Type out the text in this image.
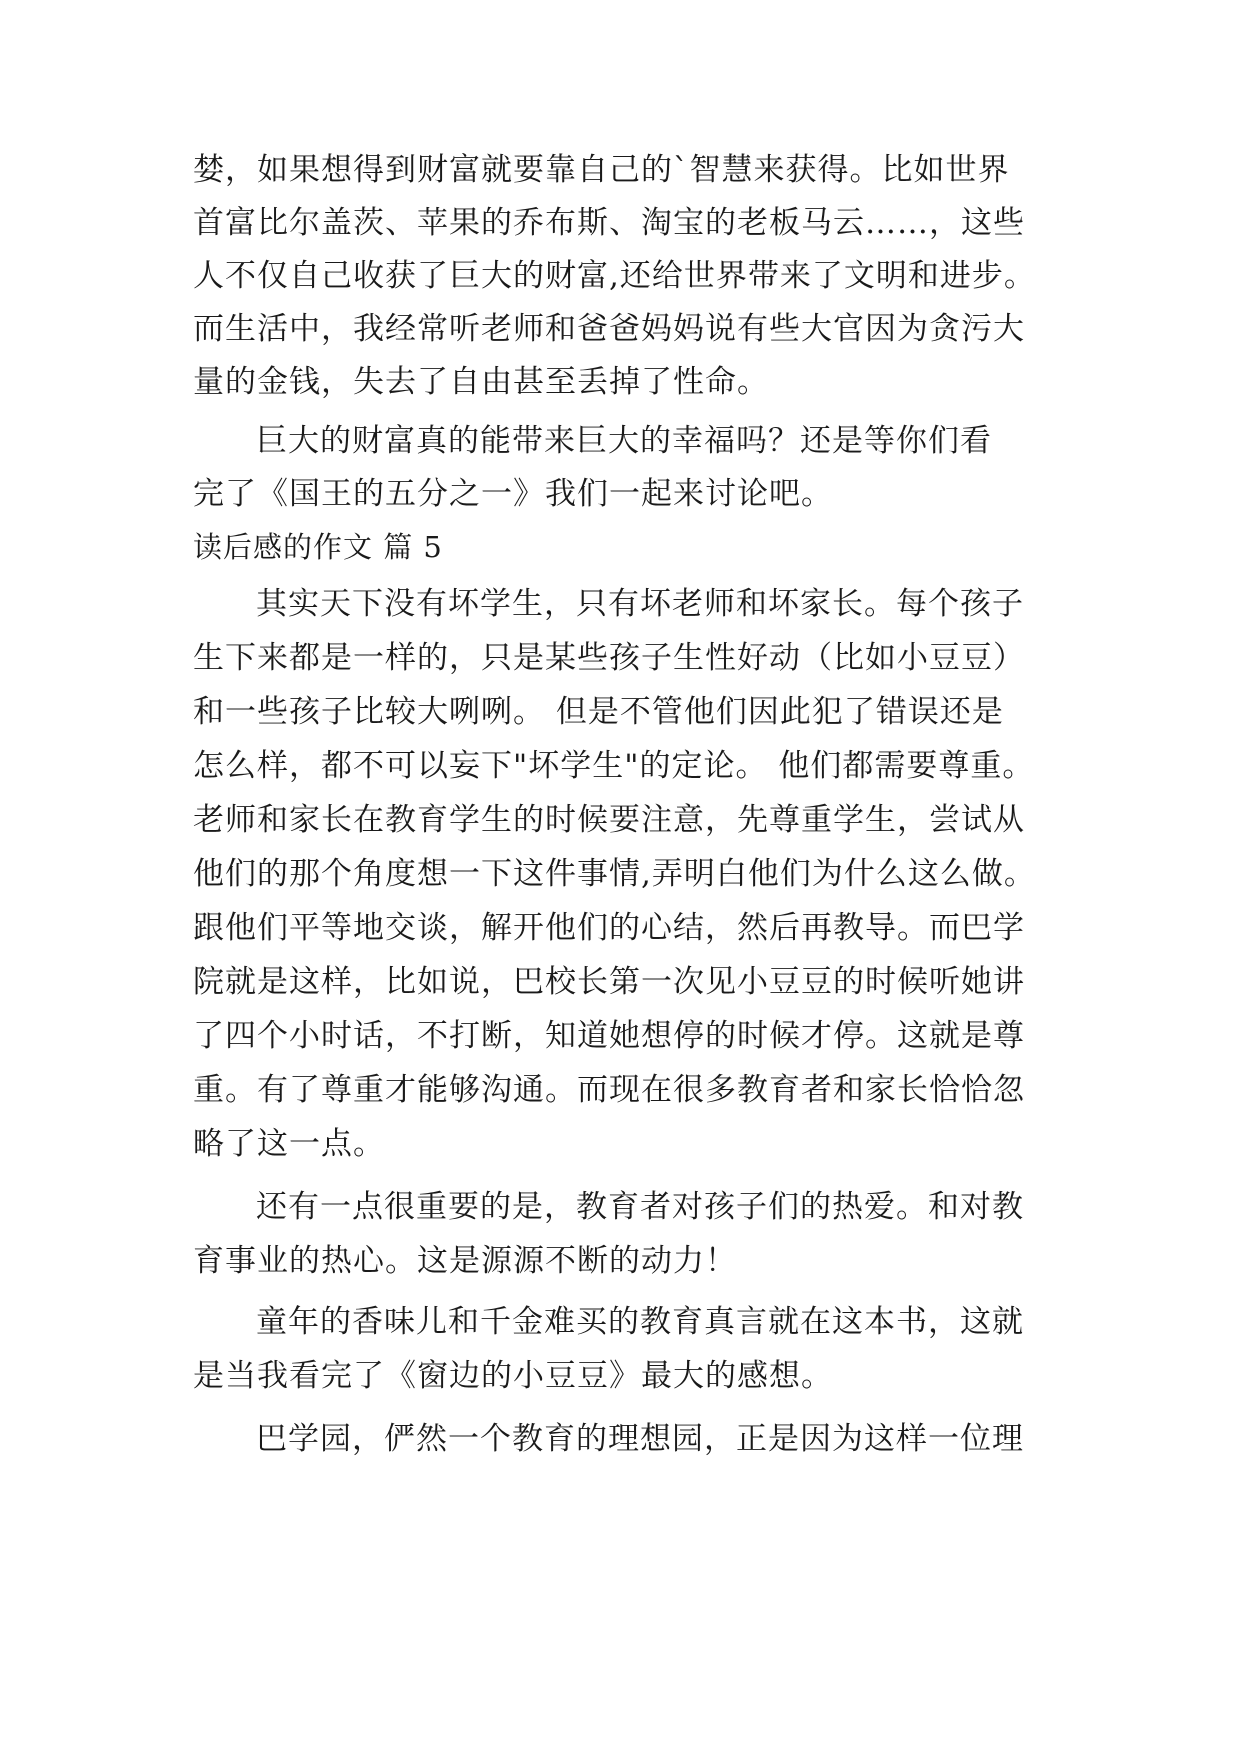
婪，如果想得到财富就要靠自己的`智慧来获得。比如世界
首富比尔盖茨、苹果的乔布斯、淘宝的老板马云……，这些
人不仅自己收获了巨大的财富,还给世界带来了文明和进步。
而生活中，我经常听老师和爸爸妈妈说有些大官因为贪污大
量的金钱，失去了自由甚至丢掉了性命。
巨大的财富真的能带来巨大的幸福吗？还是等你们看
完了《国王的五分之一》我们一起来讨论吧。
读后感的作文 篇 5
其实天下没有坏学生，只有坏老师和坏家长。每个孩子
生下来都是一样的，只是某些孩子生性好动（比如小豆豆）
和一些孩子比较大咧咧。 但是不管他们因此犯了错误还是
怎么样，都不可以妄下"坏学生"的定论。 他们都需要尊重。
老师和家长在教育学生的时候要注意，先尊重学生，尝试从
他们的那个角度想一下这件事情,弄明白他们为什么这么做。
跟他们平等地交谈，解开他们的心结，然后再教导。而巴学
院就是这样，比如说，巴校长第一次见小豆豆的时候听她讲
了四个小时话，不打断，知道她想停的时候才停。这就是尊
重。有了尊重才能够沟通。而现在很多教育者和家长恰恰忽
略了这一点。
还有一点很重要的是，教育者对孩子们的热爱。和对教
育事业的热心。这是源源不断的动力！
童年的香味儿和千金难买的教育真言就在这本书，这就
是当我看完了《窗边的小豆豆》最大的感想。
巴学园，俨然一个教育的理想园，正是因为这样一位理
